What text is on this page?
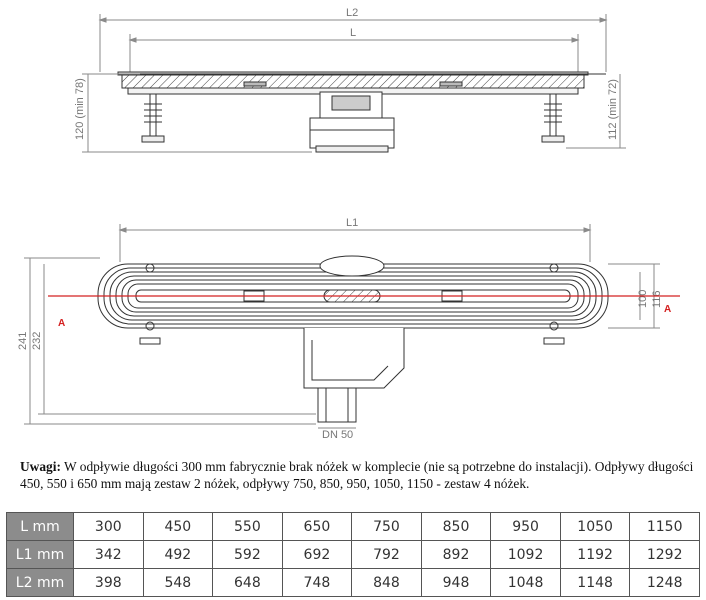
L2
L
120 (min 78)	112 (min 72)
L1
DN 50
241 232
100 116
A
A
Uwagi: W odpływie długości 300 mm fabrycznie brak nóżek w komplecie (nie są potrzebne do instalacji). Odpływy długości 450, 550 i 650 mm mają zestaw 2 nóżek, odpływy 750, 850, 950, 1050, 1150 - zestaw 4 nóżek.
L mm	300	450	550	650	750	850	950	1050	1150
L1 mm	342	492	592	692	792	892	1092	1192	1292
L2 mm	398	548	648	748	848	948	1048	1148	1248
